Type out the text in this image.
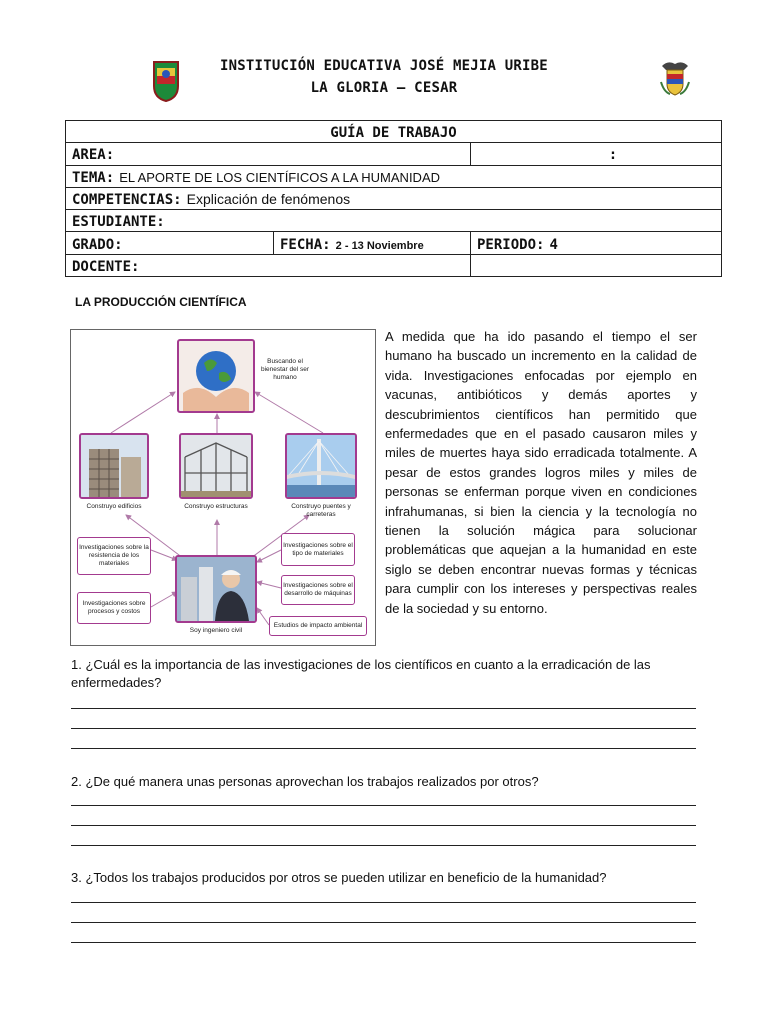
INSTITUCIÓN EDUCATIVA JOSÉ MEJIA URIBE
LA GLORIA – CESAR
GUÍA DE TRABAJO		
AREA:		:
TEMA: EL APORTE DE LOS CIENTÍFICOS A LA HUMANIDAD		
COMPETENCIAS: Explicación de fenómenos		
ESTUDIANTE:		
GRADO:	FECHA: 2 - 13 Noviembre	PERIODO: 4
DOCENTE:		
LA PRODUCCIÓN CIENTÍFICA
Buscando el bienestar del ser humano
Construyo edificios	Construyo estructuras	Construyo puentes y carreteras
Soy ingeniero civil
Investigaciones sobre la resistencia de los materiales
Investigaciones sobre procesos y costos
Investigaciones sobre el tipo de materiales
Investigaciones sobre el desarrollo de máquinas
Estudios de impacto ambiental
A medida que ha ido pasando el tiempo el ser humano ha buscado un incremento en la calidad de vida. Investigaciones enfocadas por ejemplo en vacunas, antibióticos y demás aportes y descubrimientos científicos han permitido que enfermedades que en el pasado causaron miles y miles de muertes haya sido erradicada totalmente. A pesar de estos grandes logros miles y miles de personas se enferman porque viven en condiciones infrahumanas, si bien la ciencia y la tecnología no tienen la solución mágica para solucionar problemáticas que aquejan a la humanidad en este siglo se deben encontrar nuevas formas y técnicas para cumplir con los intereses y perspectivas reales de la sociedad y su entorno.
1. ¿Cuál es la importancia de las investigaciones de los científicos en cuanto a la erradicación de las enfermedades?
2. ¿De qué manera unas personas aprovechan los trabajos realizados por otros?
3. ¿Todos los trabajos producidos por otros se pueden utilizar en beneficio de la humanidad?
